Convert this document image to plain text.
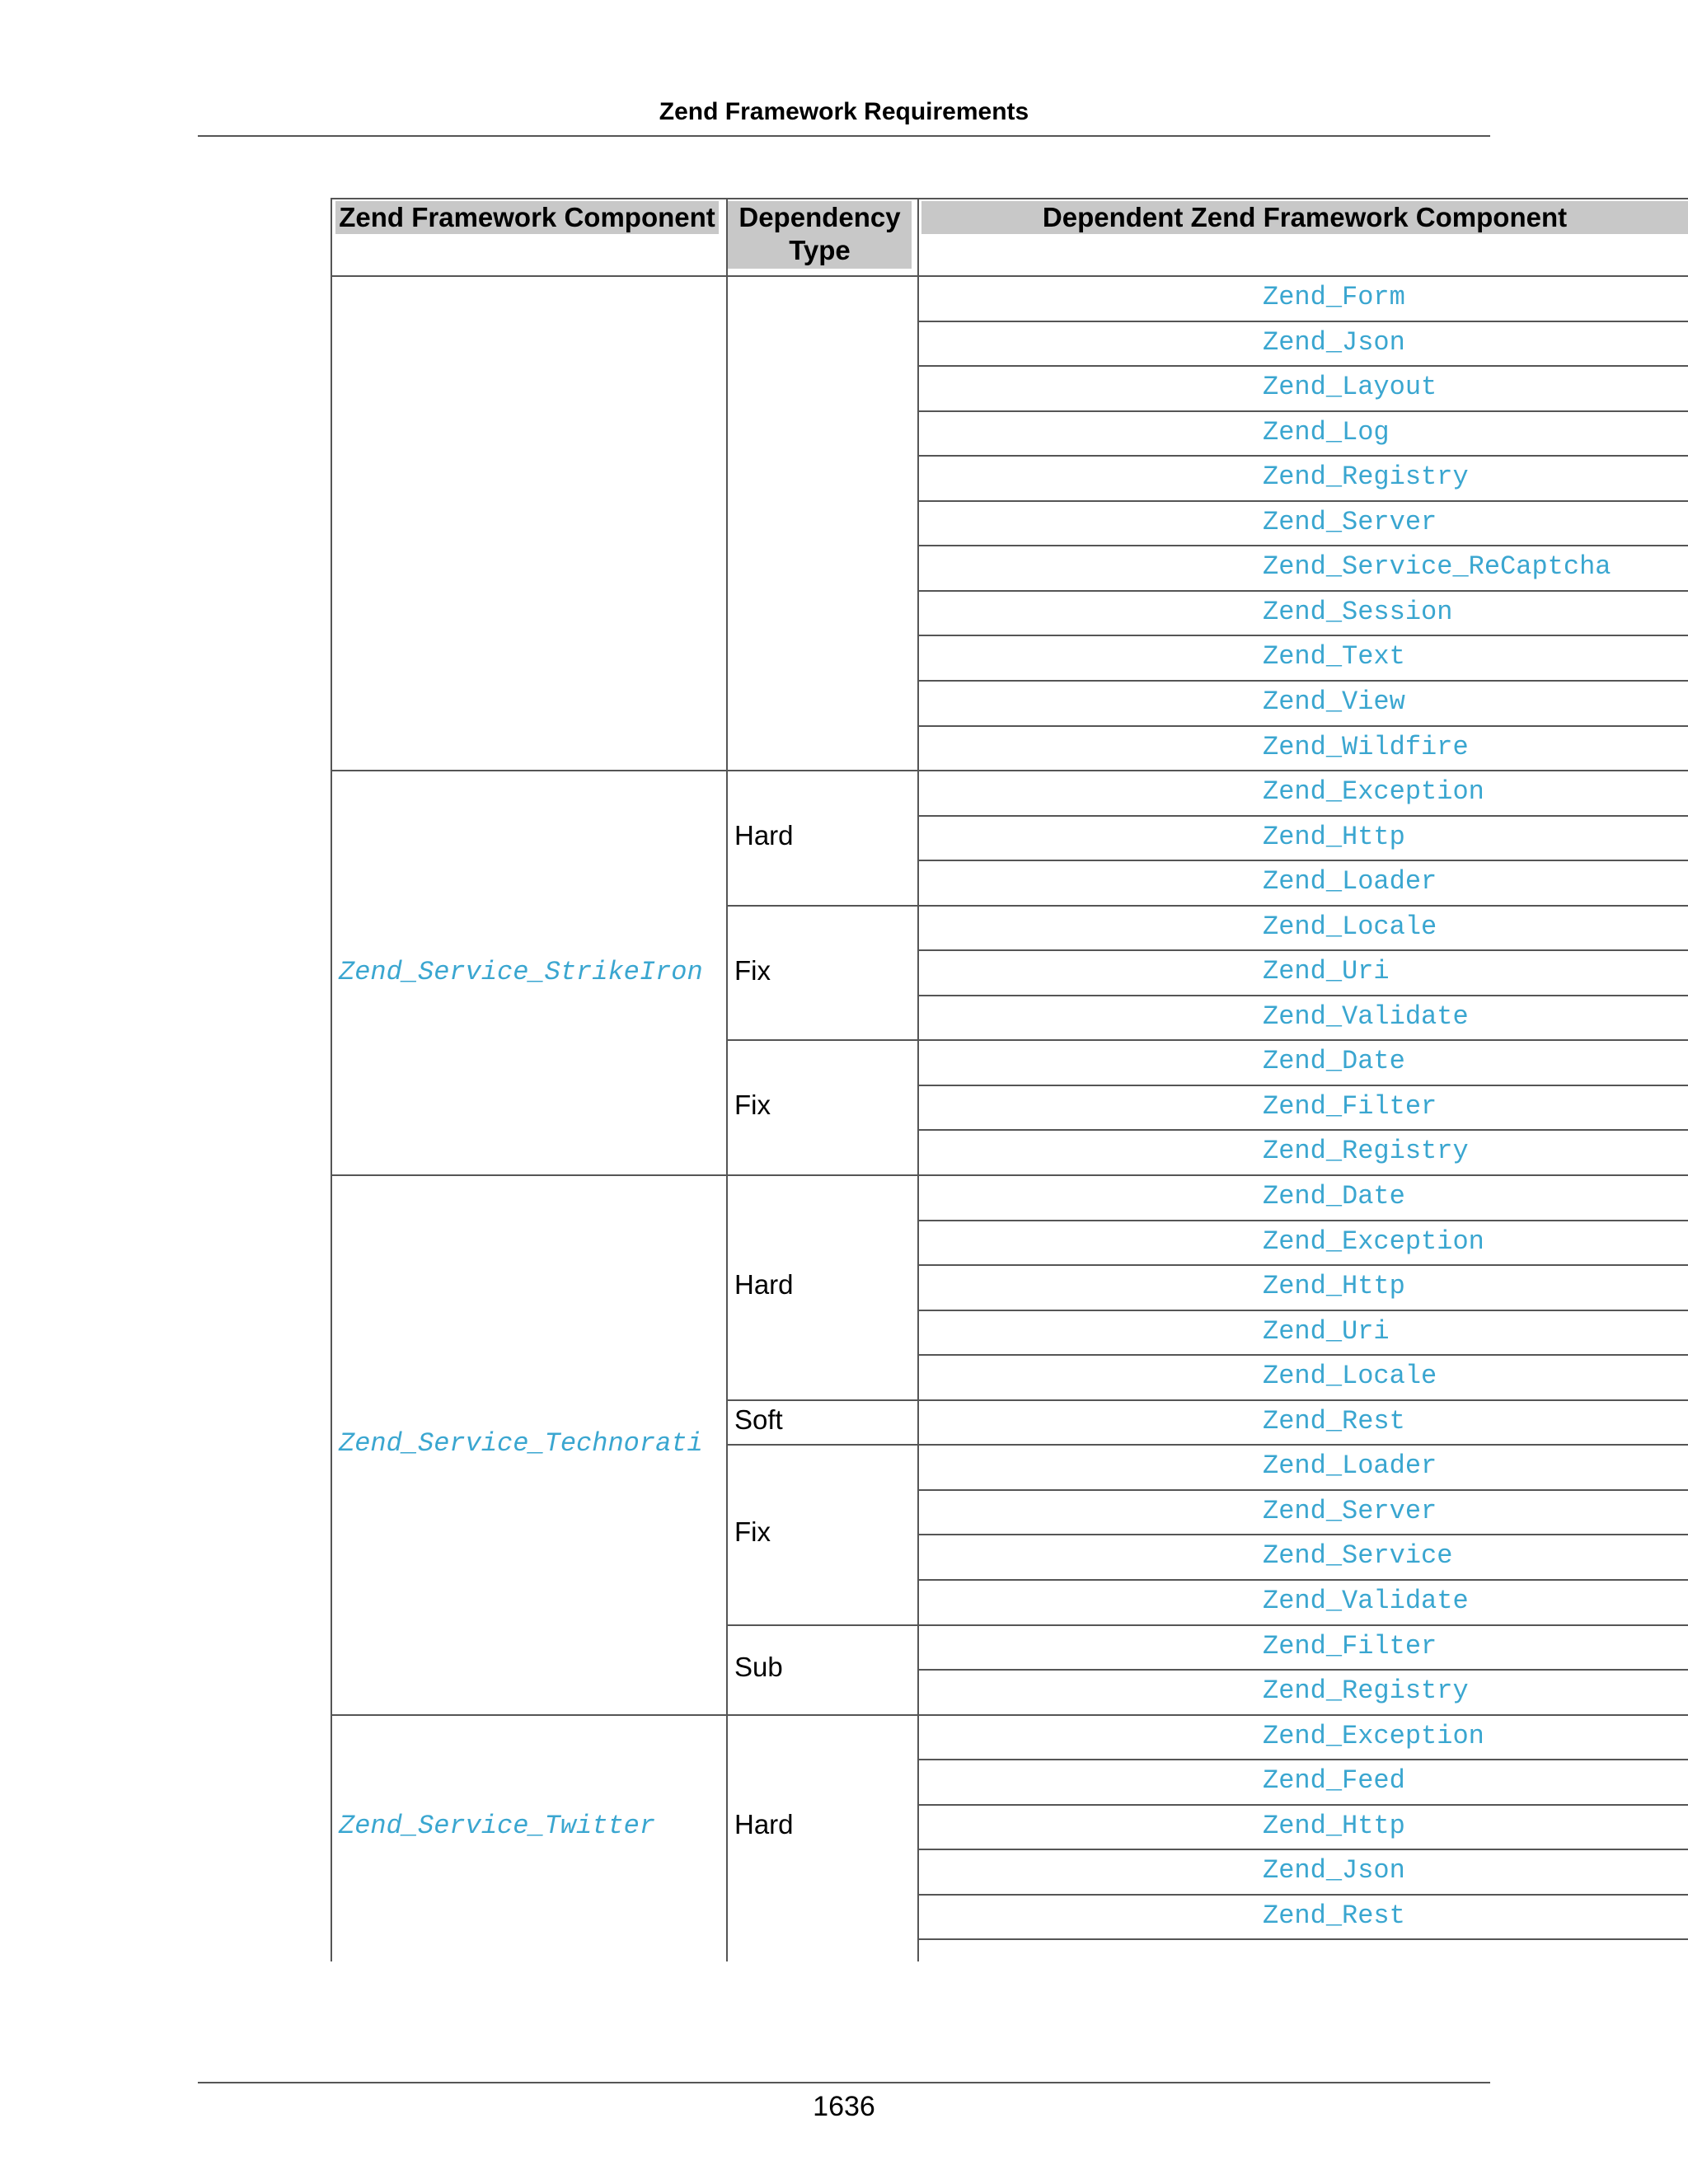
Zend Framework Requirements
Zend Framework Component Dependency
Type
Dependent Zend Framework Component
Zend_Form
Zend_Json
Zend_Layout
Zend_Log
Zend_Registry
Zend_Server
Zend_Service_ReCaptcha
Zend_Session
Zend_Text
Zend_View
Zend_Wildfire
Zend_Exception
Zend_Http
Zend_Loader
Hard
Zend_Locale
Zend_Uri
Zend_Validate
Fix
Zend_Date
Zend_Filter
Zend_Registry
Fix
Zend_Service_StrikeIron
Zend_Date
Zend_Exception
Zend_Http
Zend_Uri
Zend_Locale
Hard
Zend_Rest
Soft
Zend_Loader
Zend_Server
Zend_Service
Zend_Validate
Fix
Zend_Filter
Zend_Registry
Sub
Zend_Service_Technorati
Zend_Exception
Zend_Feed
Zend_Http
Zend_Json
Zend_Rest
Hard
Zend_Service_Twitter
1636
